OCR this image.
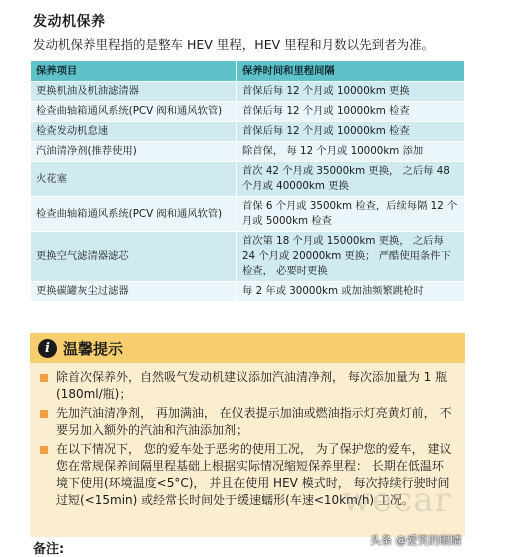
发动机保养
发动机保养里程指的是整车 HEV 里程，HEV 里程和月数以先到者为准。
保养项目	保养时间和里程间隔
更换机油及机油滤清器	首保后每 12 个月或 10000km 更换
检查曲轴箱通风系统(PCV 阀和通风软管)	首保后每 12 个月或 10000km 检查
检查发动机怠速	首保后每 12 个月或 10000km 检查
汽油清净剂(推荐使用)	除首保， 每 12 个月或 10000km 添加
火花塞	首次 42 个月或 35000km 更换， 之后每 48 个月或 40000km 更换
检查曲轴箱通风系统(PCV 阀和通风软管)	首保 6 个月或 3500km 检查，后续每隔 12 个月或 5000km 检查
更换空气滤清器滤芯	首次第 18 个月或 15000km 更换， 之后每 24 个月或 20000km 更换； 严酷使用条件下检查， 必要时更换
更换碳罐灰尘过滤器	每 2 年或 30000km 或加油频繁跳枪时
i 温馨提示
除首次保养外，自然吸气发动机建议添加汽油清净剂， 每次添加量为 1 瓶(180ml/瓶)；
先加汽油清净剂， 再加满油， 在仪表提示加油或燃油指示灯亮黄灯前， 不要另加入额外的汽油和汽油添加剂；
在以下情况下， 您的爱车处于恶劣的使用工况， 为了保护您的爱车， 建议您在常规保养间隔里程基础上根据实际情况缩短保养里程： 长期在低温环境下使用(环境温度<5°C)， 并且在使用 HEV 模式时， 每次持续行驶时间过短(<15min) 或经常长时间处于缓速蠕形(车速<10km/h) 工况。
wecar
备注:
头条 @爱笑的眼睛
